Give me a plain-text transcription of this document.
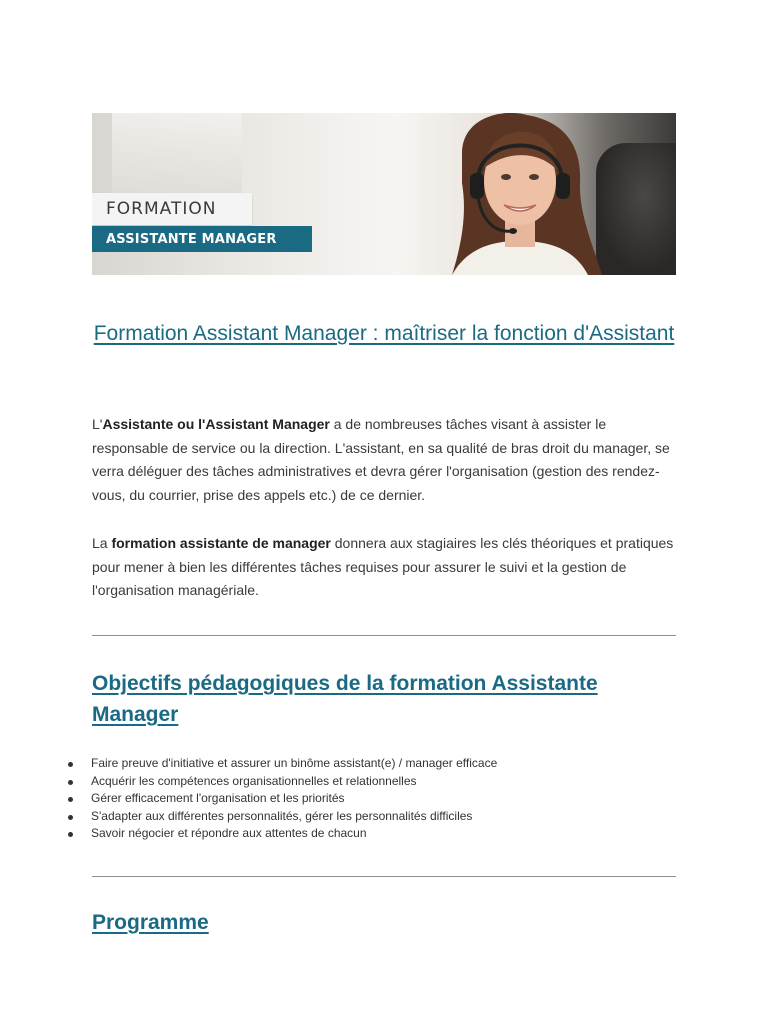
FORMATION
ASSISTANTE MANAGER
Formation Assistant Manager : maîtriser la fonction d'Assistant
L'Assistante ou l'Assistant Manager a de nombreuses tâches visant à assister le responsable de service ou la direction. L'assistant, en sa qualité de bras droit du manager, se verra déléguer des tâches administratives et devra gérer l'organisation (gestion des rendez-vous, du courrier, prise des appels etc.) de ce dernier.
La formation assistante de manager donnera aux stagiaires les clés théoriques et pratiques pour mener à bien les différentes tâches requises pour assurer le suivi et la gestion de l'organisation managériale.
Objectifs pédagogiques de la formation Assistante Manager
Faire preuve d'initiative et assurer un binôme assistant(e) / manager efficace
Acquérir les compétences organisationnelles et relationnelles
Gérer efficacement l'organisation et les priorités
S'adapter aux différentes personnalités, gérer les personnalités difficiles
Savoir négocier et répondre aux attentes de chacun
Programme
